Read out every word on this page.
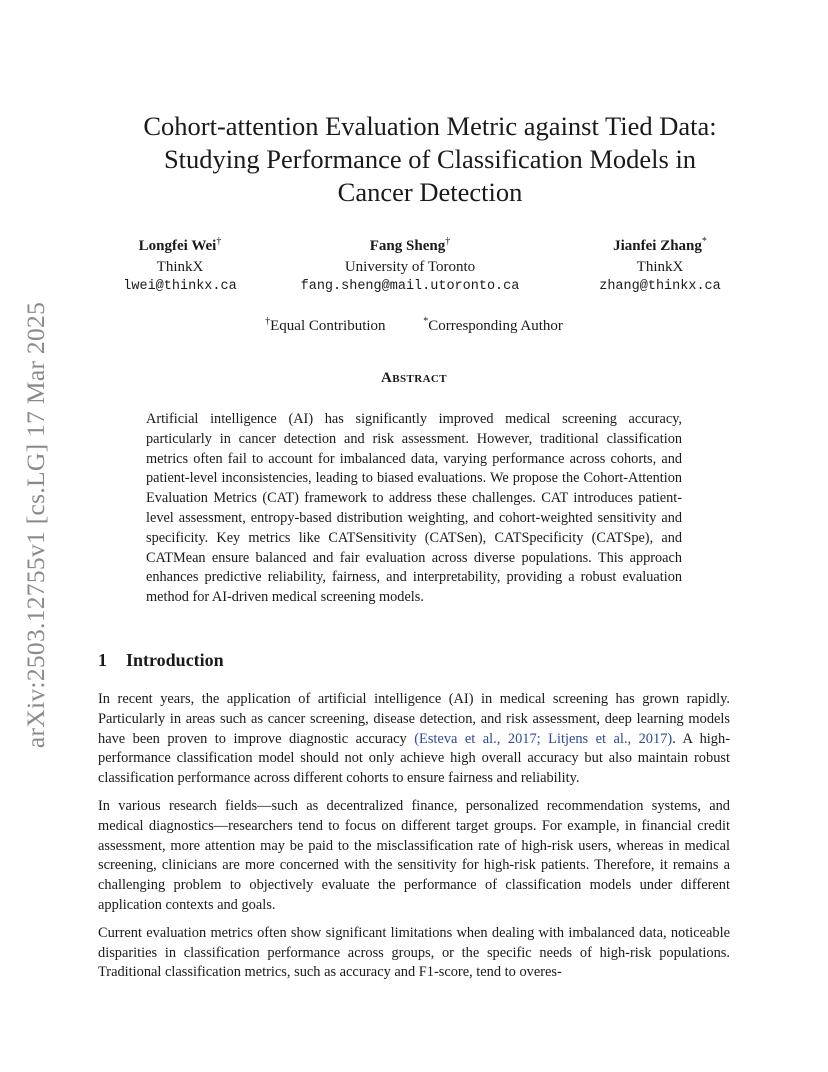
arXiv:2503.12755v1 [cs.LG] 17 Mar 2025
Cohort-attention Evaluation Metric against Tied Data:
Studying Performance of Classification Models in
Cancer Detection
Longfei Wei†
ThinkX
lwei@thinkx.ca
Fang Sheng†
University of Toronto
fang.sheng@mail.utoronto.ca
Jianfei Zhang*
ThinkX
zhang@thinkx.ca
†Equal Contribution	*Corresponding Author
Abstract
Artificial intelligence (AI) has significantly improved medical screening accuracy, particularly in cancer detection and risk assessment. However, traditional classification metrics often fail to account for imbalanced data, varying performance across cohorts, and patient-level inconsistencies, leading to biased evaluations. We propose the Cohort-Attention Evaluation Metrics (CAT) framework to address these challenges. CAT introduces patient-level assessment, entropy-based distribution weighting, and cohort-weighted sensitivity and specificity. Key metrics like CATSensitivity (CATSen), CATSpecificity (CATSpe), and CATMean ensure balanced and fair evaluation across diverse populations. This approach enhances predictive reliability, fairness, and interpretability, providing a robust evaluation method for AI-driven medical screening models.
1 Introduction

In recent years, the application of artificial intelligence (AI) in medical screening has grown rapidly. Particularly in areas such as cancer screening, disease detection, and risk assessment, deep learning models have been proven to improve diagnostic accuracy (Esteva et al., 2017; Litjens et al., 2017). A high-performance classification model should not only achieve high overall accuracy but also maintain robust classification performance across different cohorts to ensure fairness and reliability.

In various research fields—such as decentralized finance, personalized recommendation systems, and medical diagnostics—researchers tend to focus on different target groups. For example, in financial credit assessment, more attention may be paid to the misclassification rate of high-risk users, whereas in medical screening, clinicians are more concerned with the sensitivity for high-risk patients. Therefore, it remains a challenging problem to objectively evaluate the performance of classification models under different application contexts and goals.

Current evaluation metrics often show significant limitations when dealing with imbalanced data, noticeable disparities in classification performance across groups, or the specific needs of high-risk populations. Traditional classification metrics, such as accuracy and F1-score, tend to overes-
